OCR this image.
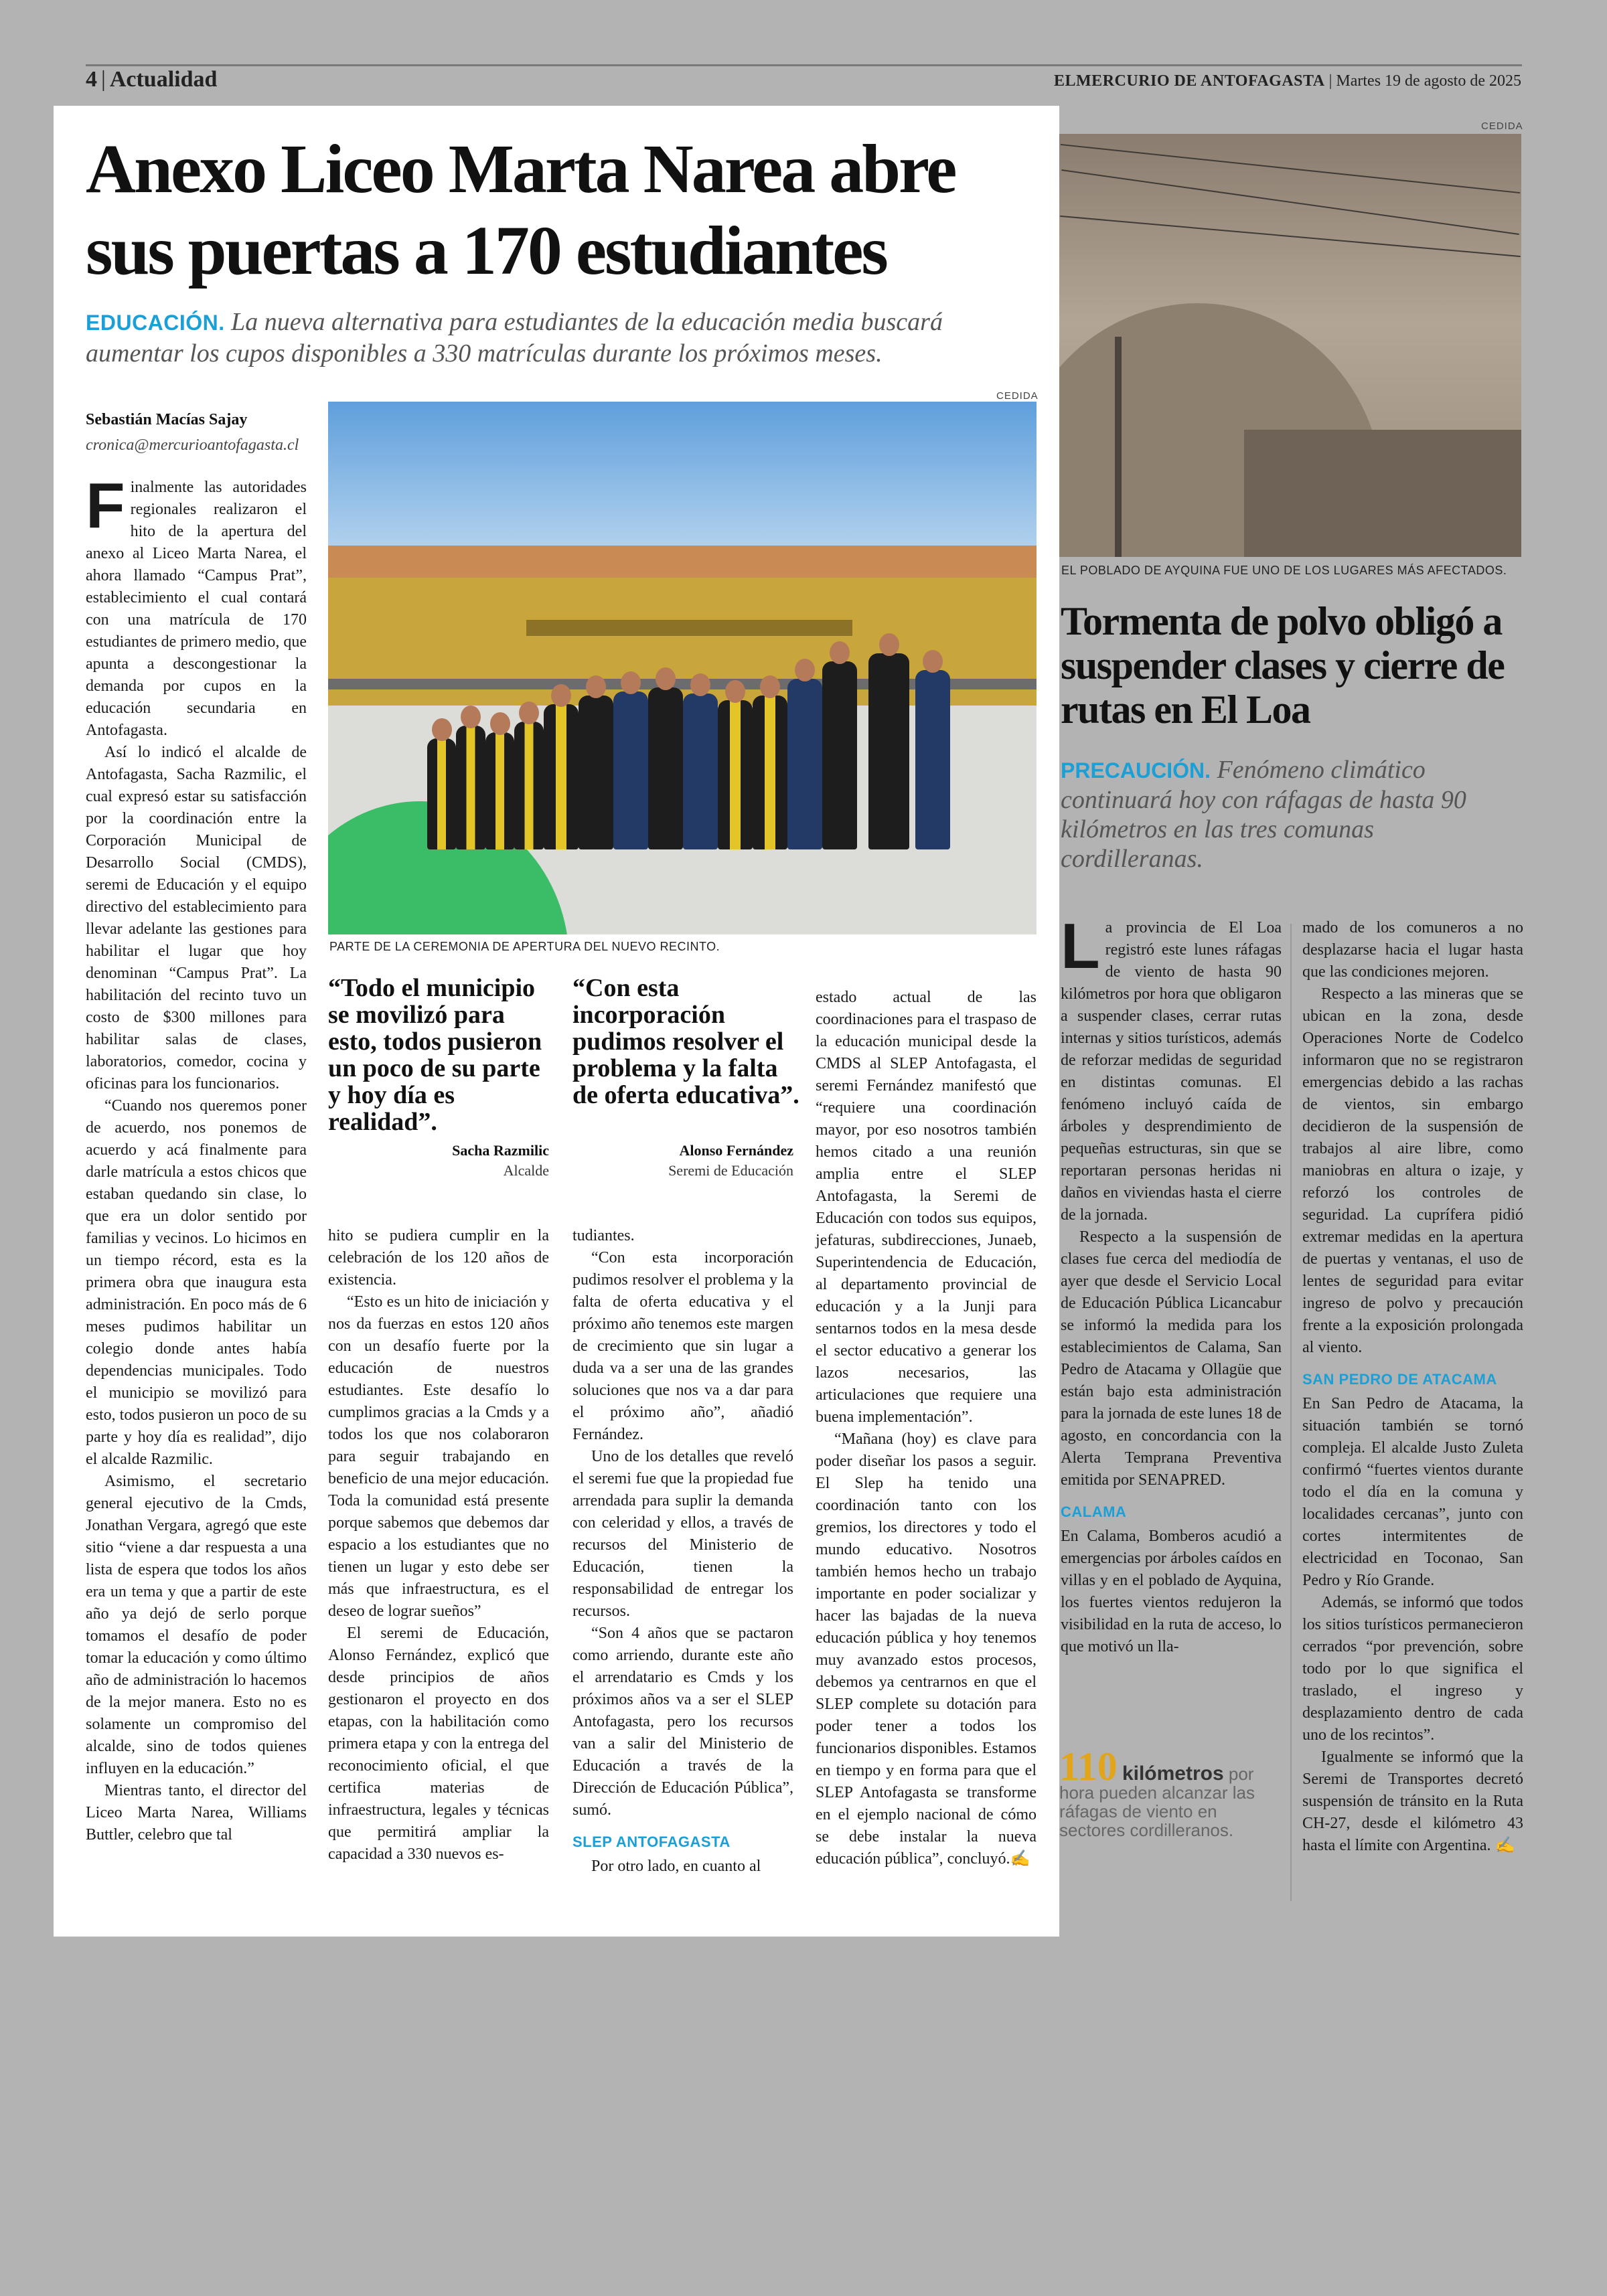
4 | Actualidad	ELMERCURIO DE ANTOFAGASTA | Martes 19 de agosto de 2025
Anexo Liceo Marta Narea abre sus puertas a 170 estudiantes
EDUCACIÓN. La nueva alternativa para estudiantes de la educación media buscará aumentar los cupos disponibles a 330 matrículas durante los próximos meses.
Sebastián Macías Sajay
cronica@mercurioantofagasta.cl
CEDIDA
PARTE DE LA CEREMONIA DE APERTURA DEL NUEVO RECINTO.

Finalmente las autoridades regionales realizaron el hito de la apertura del anexo al Liceo Marta Narea, el ahora llamado “Campus Prat”, establecimiento el cual contará con una matrícula de 170 estudiantes de primero medio, que apunta a descongestionar la demanda por cupos en la educación secundaria en Antofagasta.

Así lo indicó el alcalde de Antofagasta, Sacha Razmilic, el cual expresó estar su satisfacción por la coordinación entre la Corporación Municipal de Desarrollo Social (CMDS), seremi de Educación y el equipo directivo del establecimiento para llevar adelante las gestiones para habilitar el lugar que hoy denominan “Campus Prat”. La habilitación del recinto tuvo un costo de $300 millones para habilitar salas de clases, laboratorios, comedor, cocina y oficinas para los funcionarios.

“Cuando nos queremos poner de acuerdo, nos ponemos de acuerdo y acá finalmente para darle matrícula a estos chicos que estaban quedando sin clase, lo que era un dolor sentido por familias y vecinos. Lo hicimos en un tiempo récord, esta es la primera obra que inaugura esta administración. En poco más de 6 meses pudimos habilitar un colegio donde antes había dependencias municipales. Todo el municipio se movilizó para esto, todos pusieron un poco de su parte y hoy día es realidad”, dijo el alcalde Razmilic.

Asimismo, el secretario general ejecutivo de la Cmds, Jonathan Vergara, agregó que este sitio “viene a dar respuesta a una lista de espera que todos los años era un tema y que a partir de este año ya dejó de serlo porque tomamos el desafío de poder tomar la educación y como último año de administración lo hacemos de la mejor manera. Esto no es solamente un compromiso del alcalde, sino de todos quienes influyen en la educación.”

Mientras tanto, el director del Liceo Marta Narea, Williams Buttler, celebro que tal

“Todo el municipio se movilizó para esto, todos pusieron un poco de su parte y hoy día es realidad”.
Sacha Razmilic
Alcalde
“Con esta incorporación pudimos resolver el problema y la falta de oferta educativa”.
Alonso Fernández
Seremi de Educación

hito se pudiera cumplir en la celebración de los 120 años de existencia.

“Esto es un hito de iniciación y nos da fuerzas en estos 120 años con un desafío fuerte por la educación de nuestros estudiantes. Este desafío lo cumplimos gracias a la Cmds y a todos los que nos colaboraron para seguir trabajando en beneficio de una mejor educación. Toda la comunidad está presente porque sabemos que debemos dar espacio a los estudiantes que no tienen un lugar y esto debe ser más que infraestructura, es el deseo de lograr sueños”

El seremi de Educación, Alonso Fernández, explicó que desde principios de años gestionaron el proyecto en dos etapas, con la habilitación como primera etapa y con la entrega del reconocimiento oficial, el que certifica materias de infraestructura, legales y técnicas que permitirá ampliar la capacidad a 330 nuevos es-

tudiantes.

“Con esta incorporación pudimos resolver el problema y la falta de oferta educativa y el próximo año tenemos este margen de crecimiento que sin lugar a duda va a ser una de las grandes soluciones que nos va a dar para el próximo año”, añadió Fernández.

Uno de los detalles que reveló el seremi fue que la propiedad fue arrendada para suplir la demanda con celeridad y ellos, a través de recursos del Ministerio de Educación, tienen la responsabilidad de entregar los recursos.

“Son 4 años que se pactaron como arriendo, durante este año el arrendatario es Cmds y los próximos años va a ser el SLEP Antofagasta, pero los recursos van a salir del Ministerio de Educación a través de la Dirección de Educación Pública”, sumó.

SLEP ANTOFAGASTA

Por otro lado, en cuanto al

estado actual de las coordinaciones para el traspaso de la educación municipal desde la CMDS al SLEP Antofagasta, el seremi Fernández manifestó que “requiere una coordinación mayor, por eso nosotros también hemos citado a una reunión amplia entre el SLEP Antofagasta, la Seremi de Educación con todos sus equipos, jefaturas, subdirecciones, Junaeb, Superintendencia de Educación, al departamento provincial de educación y a la Junji para sentarnos todos en la mesa desde el sector educativo a generar los lazos necesarios, las articulaciones que requiere una buena implementación”.

“Mañana (hoy) es clave para poder diseñar los pasos a seguir. El Slep ha tenido una coordinación tanto con los gremios, los directores y todo el mundo educativo. Nosotros también hemos hecho un trabajo importante en poder socializar y hacer las bajadas de la nueva educación pública y hoy tenemos muy avanzado estos procesos, debemos ya centrarnos en que el SLEP complete su dotación para poder tener a todos los funcionarios disponibles. Estamos en tiempo y en forma para que el SLEP Antofagasta se transforme en el ejemplo nacional de cómo se debe instalar la nueva educación pública”, concluyó.✍

CEDIDA
EL POBLADO DE AYQUINA FUE UNO DE LOS LUGARES MÁS AFECTADOS.
Tormenta de polvo obligó a suspender clases y cierre de rutas en El Loa
PRECAUCIÓN. Fenómeno climático continuará hoy con ráfagas de hasta 90 kilómetros en las tres comunas cordilleranas.

La provincia de El Loa registró este lunes ráfagas de viento de hasta 90 kilómetros por hora que obligaron a suspender clases, cerrar rutas internas y sitios turísticos, además de reforzar medidas de seguridad en distintas comunas. El fenómeno incluyó caída de árboles y desprendimiento de pequeñas estructuras, sin que se reportaran personas heridas ni daños en viviendas hasta el cierre de la jornada.

Respecto a la suspensión de clases fue cerca del mediodía de ayer que desde el Servicio Local de Educación Pública Licancabur se informó la medida para los establecimientos de Calama, San Pedro de Atacama y Ollagüe que están bajo esta administración para la jornada de este lunes 18 de agosto, en concordancia con la Alerta Temprana Preventiva emitida por SENAPRED.

CALAMA

En Calama, Bomberos acudió a emergencias por árboles caídos en villas y en el poblado de Ayquina, los fuertes vientos redujeron la visibilidad en la ruta de acceso, lo que motivó un lla-

110 kilómetros por hora pueden alcanzar las ráfagas de viento en sectores cordilleranos.

mado de los comuneros a no desplazarse hacia el lugar hasta que las condiciones mejoren.

Respecto a las mineras que se ubican en la zona, desde Operaciones Norte de Codelco informaron que no se registraron emergencias debido a las rachas de vientos, sin embargo decidieron de la suspensión de trabajos al aire libre, como maniobras en altura o izaje, y reforzó los controles de seguridad. La cuprífera pidió extremar medidas en la apertura de puertas y ventanas, el uso de lentes de seguridad para evitar ingreso de polvo y precaución frente a la exposición prolongada al viento.

SAN PEDRO DE ATACAMA

En San Pedro de Atacama, la situación también se tornó compleja. El alcalde Justo Zuleta confirmó “fuertes vientos durante todo el día en la comuna y localidades cercanas”, junto con cortes intermitentes de electricidad en Toconao, San Pedro y Río Grande.

Además, se informó que todos los sitios turísticos permanecieron cerrados “por prevención, sobre todo por lo que significa el traslado, el ingreso y desplazamiento dentro de cada uno de los recintos”.

Igualmente se informó que la Seremi de Transportes decretó suspensión de tránsito en la Ruta CH-27, desde el kilómetro 43 hasta el límite con Argentina. ✍
